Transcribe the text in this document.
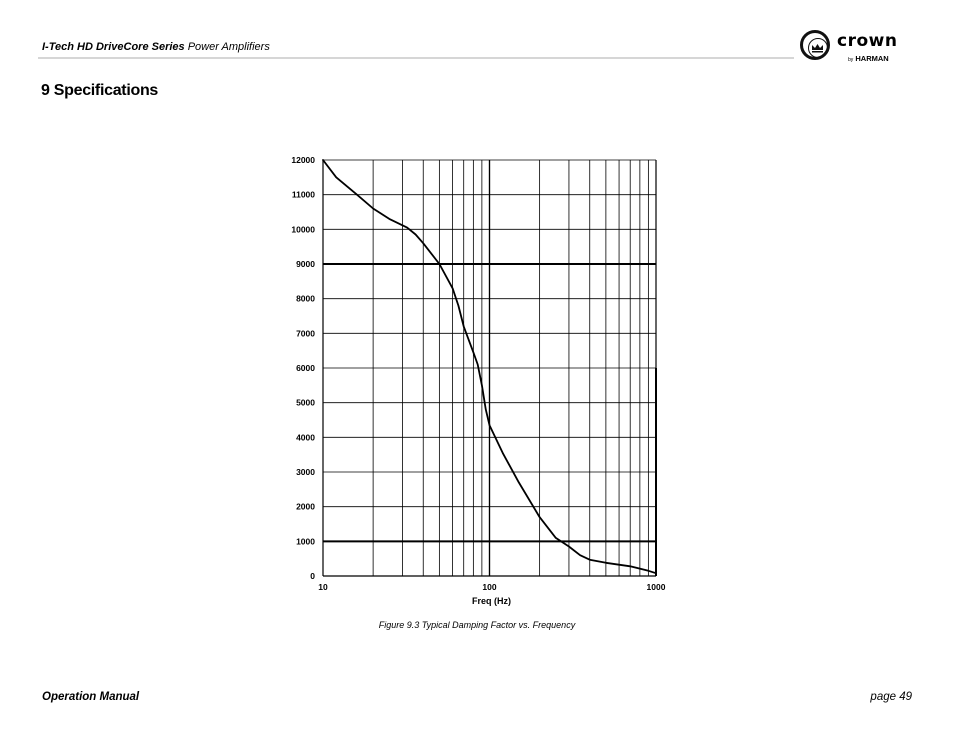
I-Tech HD DriveCore Series Power Amplifiers	crown
by HARMAN
9 Specifications
0
1000
2000
3000
4000
5000
6000
7000
8000
9000
10000
11000
12000
10	100	1000
Freq (Hz)
Figure 9.3 Typical Damping Factor vs. Frequency
Operation Manual	page 49
